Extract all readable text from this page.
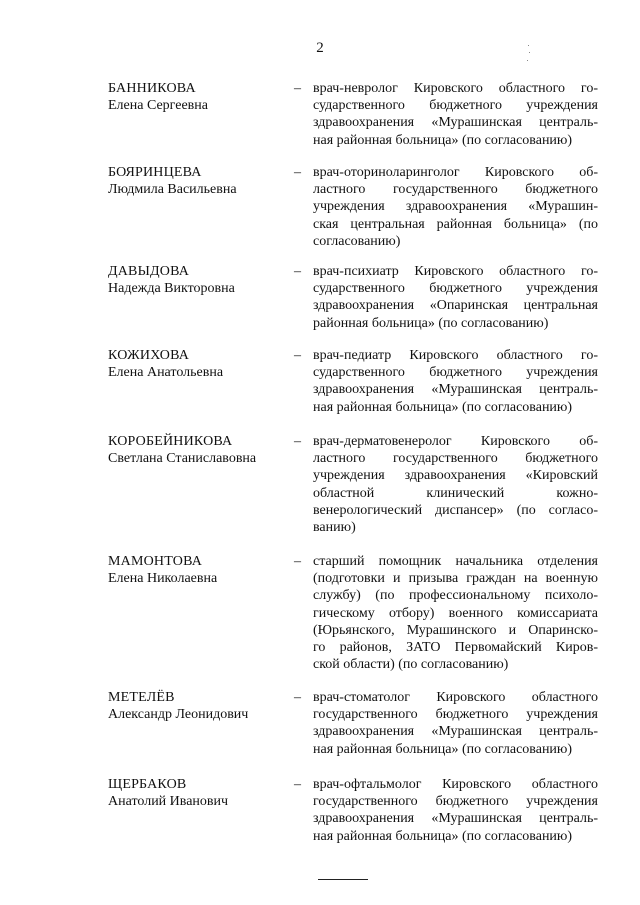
2
БАННИКОВА
Елена Сергеевна
– врач-невролог Кировского областного го-
сударственного бюджетного учреждения
здравоохранения «Мурашинская централь-
ная районная больница» (по согласованию)
БОЯРИНЦЕВА
Людмила Васильевна
– врач-оториноларинголог Кировского об-
ластного государственного бюджетного
учреждения здравоохранения «Мурашин-
ская центральная районная больница» (по
согласованию)
ДАВЫДОВА
Надежда Викторовна
– врач-психиатр Кировского областного го-
сударственного бюджетного учреждения
здравоохранения «Опаринская центральная
районная больница» (по согласованию)
КОЖИХОВА
Елена Анатольевна
– врач-педиатр Кировского областного го-
сударственного бюджетного учреждения
здравоохранения «Мурашинская централь-
ная районная больница» (по согласованию)
КОРОБЕЙНИКОВА
Светлана Станиславовна
– врач-дерматовенеролог Кировского об-
ластного государственного бюджетного
учреждения здравоохранения «Кировский
областной клинический кожно-
венерологический диспансер» (по согласо-
ванию)
МАМОНТОВА
Елена Николаевна
– старший помощник начальника отделения
(подготовки и призыва граждан на военную
службу) (по профессиональному психоло-
гическому отбору) военного комиссариата
(Юрьянского, Мурашинского и Опаринско-
го районов, ЗАТО Первомайский Киров-
ской области) (по согласованию)
МЕТЕЛЁВ
Александр Леонидович
– врач-стоматолог Кировского областного
государственного бюджетного учреждения
здравоохранения «Мурашинская централь-
ная районная больница» (по согласованию)
ЩЕРБАКОВ
Анатолий Иванович
– врач-офтальмолог Кировского областного
государственного бюджетного учреждения
здравоохранения «Мурашинская централь-
ная районная больница» (по согласованию)
